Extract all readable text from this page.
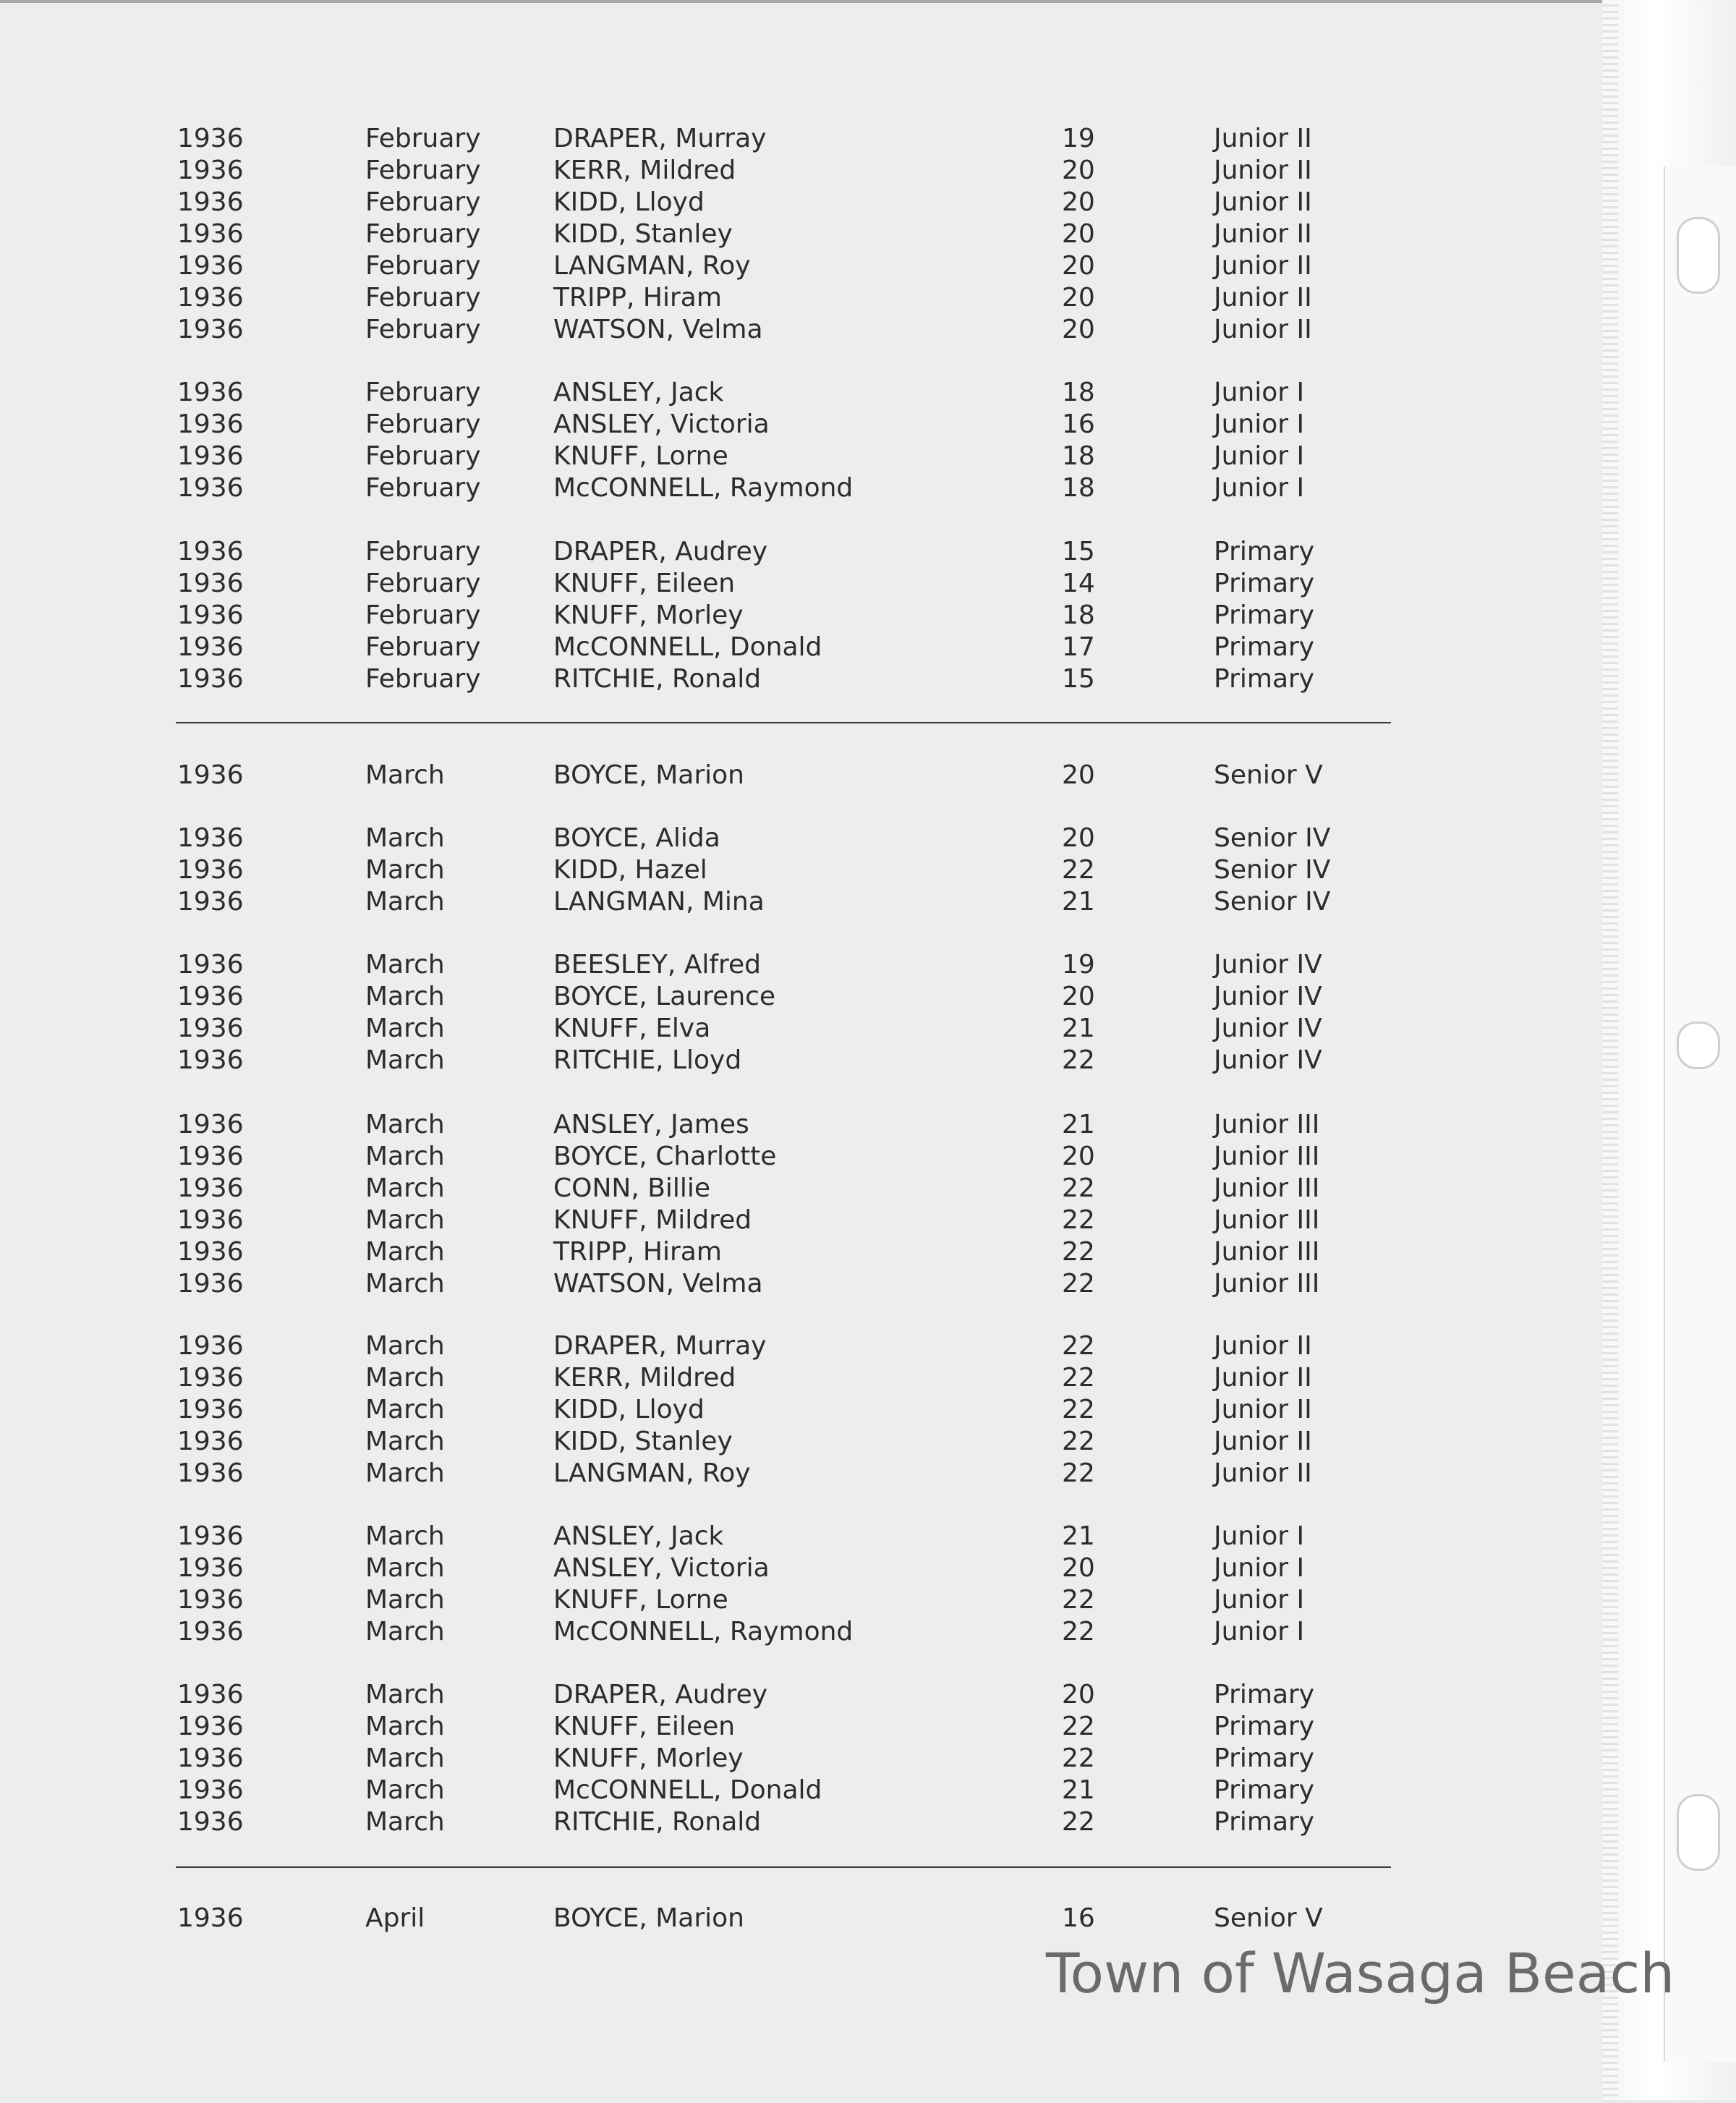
1936	February	DRAPER, Murray	19	Junior II
1936	February	KERR, Mildred	20	Junior II
1936	February	KIDD, Lloyd	20	Junior II
1936	February	KIDD, Stanley	20	Junior II
1936	February	LANGMAN, Roy	20	Junior II
1936	February	TRIPP, Hiram	20	Junior II
1936	February	WATSON, Velma	20	Junior II
1936	February	ANSLEY, Jack	18	Junior I
1936	February	ANSLEY, Victoria	16	Junior I
1936	February	KNUFF, Lorne	18	Junior I
1936	February	McCONNELL, Raymond	18	Junior I
1936	February	DRAPER, Audrey	15	Primary
1936	February	KNUFF, Eileen	14	Primary
1936	February	KNUFF, Morley	18	Primary
1936	February	McCONNELL, Donald	17	Primary
1936	February	RITCHIE, Ronald	15	Primary
1936	March	BOYCE, Marion	20	Senior V
1936	March	BOYCE, Alida	20	Senior IV
1936	March	KIDD, Hazel	22	Senior IV
1936	March	LANGMAN, Mina	21	Senior IV
1936	March	BEESLEY, Alfred	19	Junior IV
1936	March	BOYCE, Laurence	20	Junior IV
1936	March	KNUFF, Elva	21	Junior IV
1936	March	RITCHIE, Lloyd	22	Junior IV
1936	March	ANSLEY, James	21	Junior III
1936	March	BOYCE, Charlotte	20	Junior III
1936	March	CONN, Billie	22	Junior III
1936	March	KNUFF, Mildred	22	Junior III
1936	March	TRIPP, Hiram	22	Junior III
1936	March	WATSON, Velma	22	Junior III
1936	March	DRAPER, Murray	22	Junior II
1936	March	KERR, Mildred	22	Junior II
1936	March	KIDD, Lloyd	22	Junior II
1936	March	KIDD, Stanley	22	Junior II
1936	March	LANGMAN, Roy	22	Junior II
1936	March	ANSLEY, Jack	21	Junior I
1936	March	ANSLEY, Victoria	20	Junior I
1936	March	KNUFF, Lorne	22	Junior I
1936	March	McCONNELL, Raymond	22	Junior I
1936	March	DRAPER, Audrey	20	Primary
1936	March	KNUFF, Eileen	22	Primary
1936	March	KNUFF, Morley	22	Primary
1936	March	McCONNELL, Donald	21	Primary
1936	March	RITCHIE, Ronald	22	Primary
1936	April	BOYCE, Marion	16	Senior V
Town of Wasaga Beach
